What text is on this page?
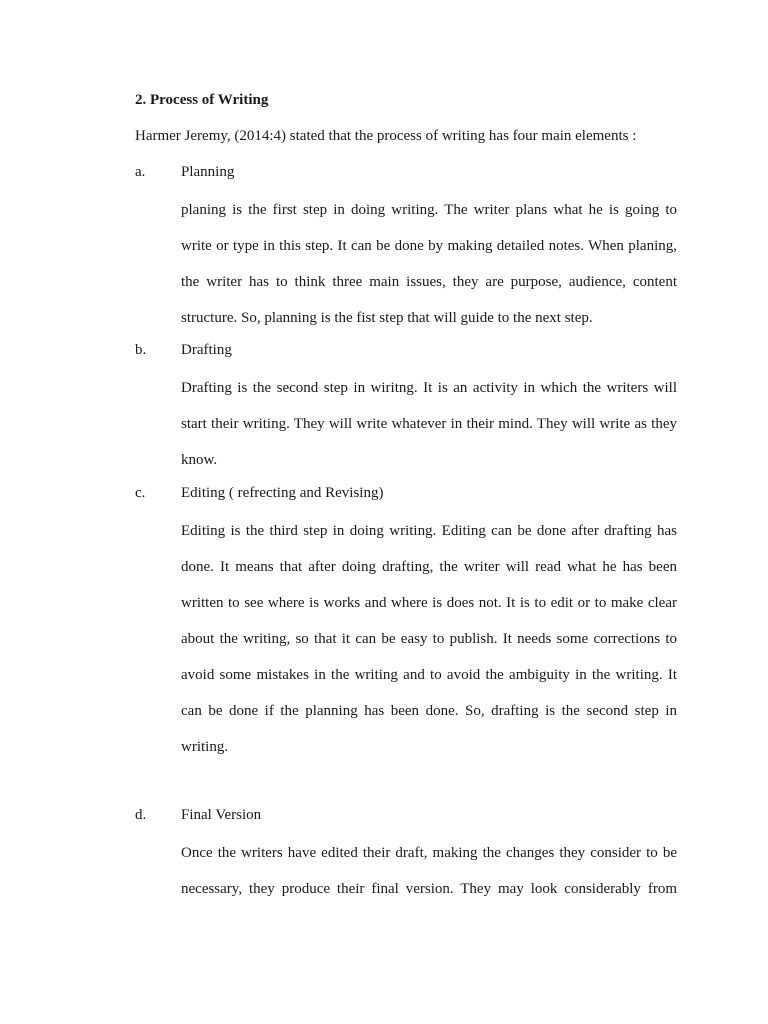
2. Process of Writing
Harmer Jeremy, (2014:4) stated that the process of writing has four main elements :
a. Planning
planing is the first step in doing writing. The writer plans what he is going to
write or type in this step. It can be done by making detailed notes. When planing,
the writer has to think three main issues, they are purpose, audience, content
structure. So, planning is the fist step that will guide to the next step.
b. Drafting
Drafting is the second step in wiritng. It is an activity in which the writers will
start their writing. They will write whatever in their mind. They will write as they
know.
c. Editing ( refrecting and Revising)
Editing is the third step in doing writing. Editing can be done after drafting has
done. It means that after doing drafting, the writer will read what he has been
written to see where is works and where is does not. It is to edit or to make clear
about the writing, so that it can be easy to publish. It needs some corrections to
avoid some mistakes in the writing and to avoid the ambiguity in the writing. It
can be done if the planning has been done. So, drafting is the second step in
writing.
d. Final Version
Once the writers have edited their draft, making the changes they consider to be
necessary, they produce their final version. They may look considerably from
